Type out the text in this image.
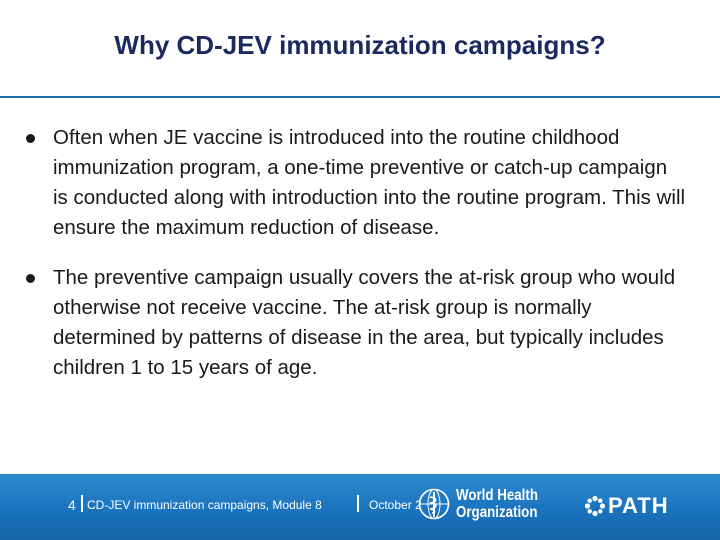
Why CD-JEV immunization campaigns?
Often when JE vaccine is introduced into the routine childhood immunization program, a one-time preventive or catch-up campaign is conducted along with introduction into the routine program. This will ensure the maximum reduction of disease.
The preventive campaign usually covers the at-risk group who would otherwise not receive vaccine. The at-risk group is normally determined by patterns of disease in the area, but typically includes children 1 to 15 years of age.
4 CD-JEV immunization campaigns, Module 8	October 2
World Health
Organization	PATH
